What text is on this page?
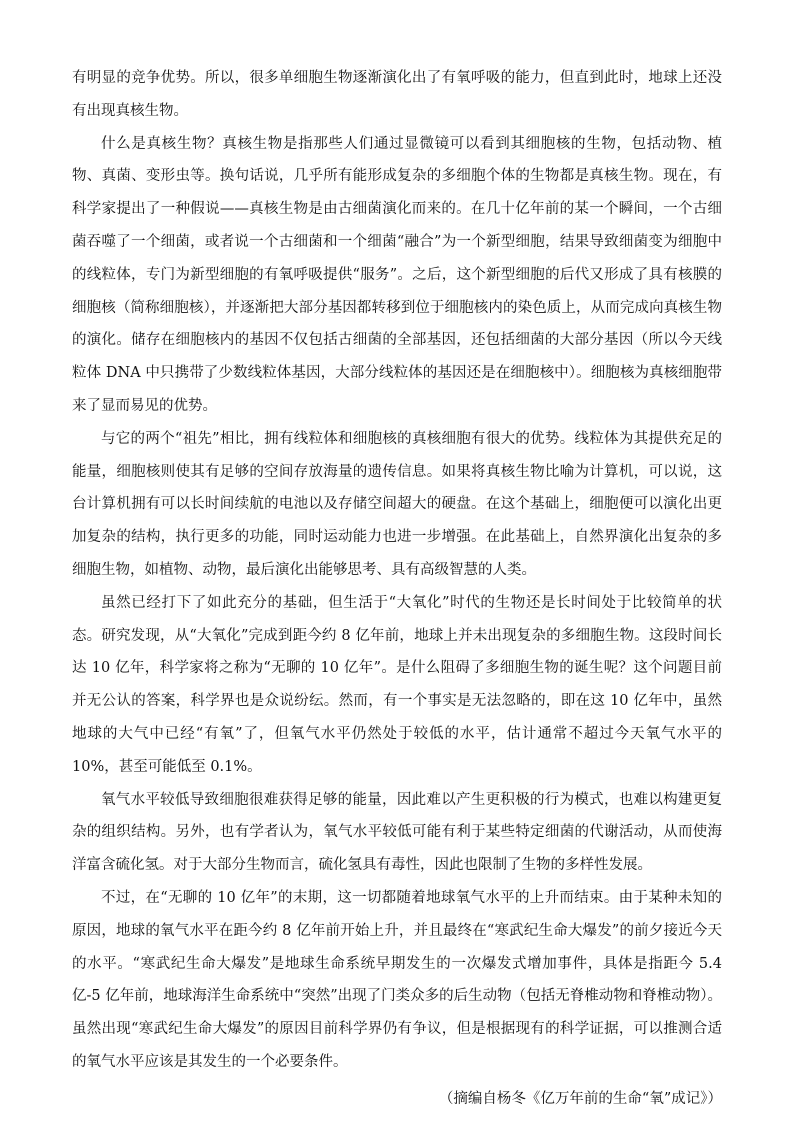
有明显的竞争优势。所以，很多单细胞生物逐渐演化出了有氧呼吸的能力，但直到此时，地球上还没有出现真核生物。

什么是真核生物？真核生物是指那些人们通过显微镜可以看到其细胞核的生物，包括动物、植物、真菌、变形虫等。换句话说，几乎所有能形成复杂的多细胞个体的生物都是真核生物。现在，有科学家提出了一种假说——真核生物是由古细菌演化而来的。在几十亿年前的某一个瞬间，一个古细菌吞噬了一个细菌，或者说一个古细菌和一个细菌“融合”为一个新型细胞，结果导致细菌变为细胞中的线粒体，专门为新型细胞的有氧呼吸提供“服务”。之后，这个新型细胞的后代又形成了具有核膜的细胞核（简称细胞核），并逐渐把大部分基因都转移到位于细胞核内的染色质上，从而完成向真核生物的演化。储存在细胞核内的基因不仅包括古细菌的全部基因，还包括细菌的大部分基因（所以今天线粒体 DNA 中只携带了少数线粒体基因，大部分线粒体的基因还是在细胞核中）。细胞核为真核细胞带来了显而易见的优势。

与它的两个“祖先”相比，拥有线粒体和细胞核的真核细胞有很大的优势。线粒体为其提供充足的能量，细胞核则使其有足够的空间存放海量的遗传信息。如果将真核生物比喻为计算机，可以说，这台计算机拥有可以长时间续航的电池以及存储空间超大的硬盘。在这个基础上，细胞便可以演化出更加复杂的结构，执行更多的功能，同时运动能力也进一步增强。在此基础上，自然界演化出复杂的多细胞生物，如植物、动物，最后演化出能够思考、具有高级智慧的人类。

虽然已经打下了如此充分的基础，但生活于“大氧化”时代的生物还是长时间处于比较简单的状态。研究发现，从“大氧化”完成到距今约 8 亿年前，地球上并未出现复杂的多细胞生物。这段时间长达 10 亿年，科学家将之称为“无聊的 10 亿年”。是什么阻碍了多细胞生物的诞生呢？这个问题目前并无公认的答案，科学界也是众说纷纭。然而，有一个事实是无法忽略的，即在这 10 亿年中，虽然地球的大气中已经“有氧”了，但氧气水平仍然处于较低的水平，估计通常不超过今天氧气水平的 10%，甚至可能低至 0.1%。

氧气水平较低导致细胞很难获得足够的能量，因此难以产生更积极的行为模式，也难以构建更复杂的组织结构。另外，也有学者认为，氧气水平较低可能有利于某些特定细菌的代谢活动，从而使海洋富含硫化氢。对于大部分生物而言，硫化氢具有毒性，因此也限制了生物的多样性发展。

不过，在“无聊的 10 亿年”的末期，这一切都随着地球氧气水平的上升而结束。由于某种未知的原因，地球的氧气水平在距今约 8 亿年前开始上升，并且最终在“寒武纪生命大爆发”的前夕接近今天的水平。“寒武纪生命大爆发”是地球生命系统早期发生的一次爆发式增加事件，具体是指距今 5.4 亿-5 亿年前，地球海洋生命系统中“突然”出现了门类众多的后生动物（包括无脊椎动物和脊椎动物）。虽然出现“寒武纪生命大爆发”的原因目前科学界仍有争议，但是根据现有的科学证据，可以推测合适的氧气水平应该是其发生的一个必要条件。

（摘编自杨冬《亿万年前的生命“氧”成记》）
